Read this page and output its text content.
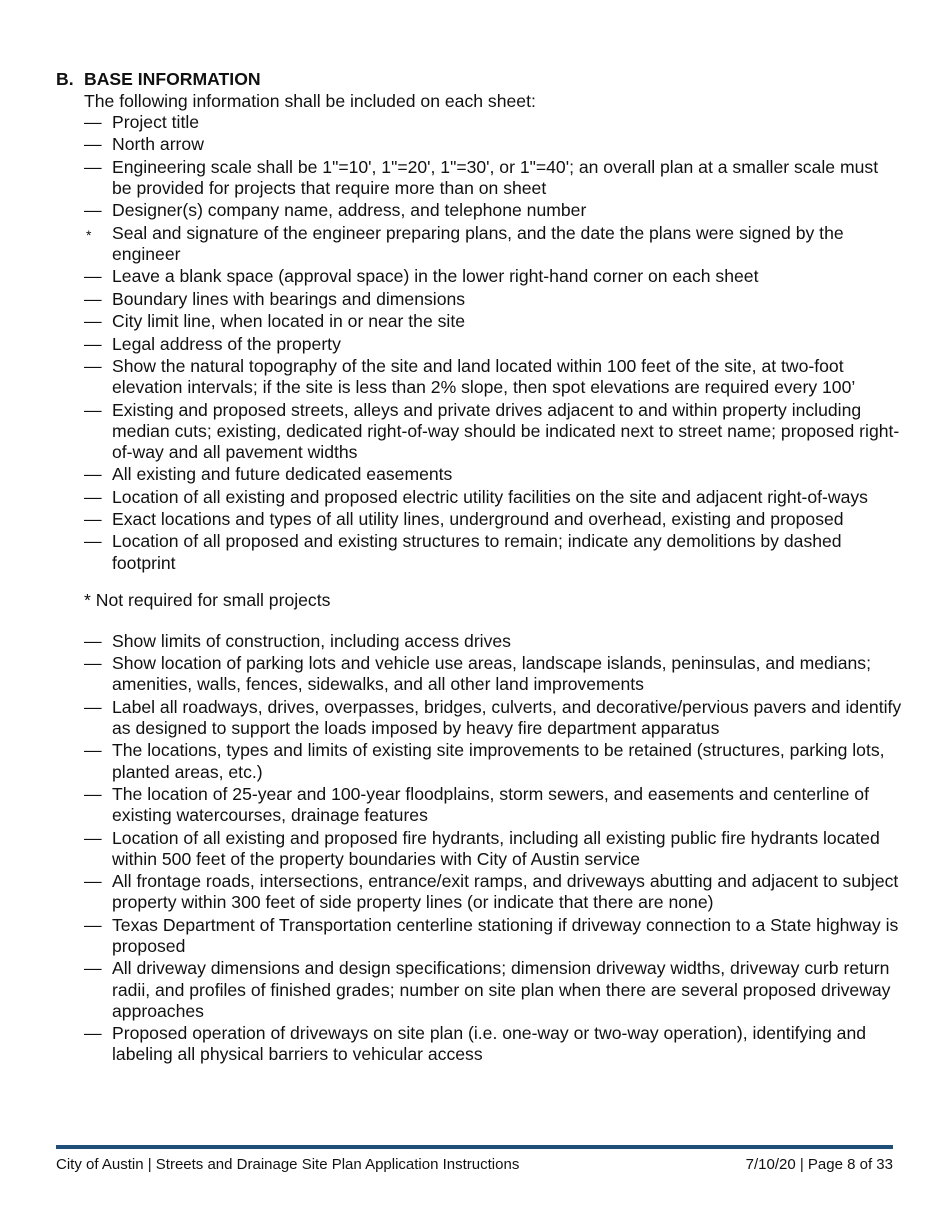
B. BASE INFORMATION
The following information shall be included on each sheet:
— Project title
— North arrow
— Engineering scale shall be 1"=10', 1"=20', 1"=30', or 1"=40'; an overall plan at a smaller scale must be provided for projects that require more than on sheet
— Designer(s) company name, address, and telephone number
*	Seal and signature of the engineer preparing plans, and the date the plans were signed by the engineer
— Leave a blank space (approval space) in the lower right-hand corner on each sheet
— Boundary lines with bearings and dimensions
— City limit line, when located in or near the site
— Legal address of the property
— Show the natural topography of the site and land located within 100 feet of the site, at two-foot elevation intervals; if the site is less than 2% slope, then spot elevations are required every 100’
— Existing and proposed streets, alleys and private drives adjacent to and within property including median cuts; existing, dedicated right-of-way should be indicated next to street name; proposed right-of-way and all pavement widths
— All existing and future dedicated easements
— Location of all existing and proposed electric utility facilities on the site and adjacent right-of-ways
— Exact locations and types of all utility lines, underground and overhead, existing and proposed
— Location of all proposed and existing structures to remain; indicate any demolitions by dashed footprint
* Not required for small projects
— Show limits of construction, including access drives
— Show location of parking lots and vehicle use areas, landscape islands, peninsulas, and medians; amenities, walls, fences, sidewalks, and all other land improvements
— Label all roadways, drives, overpasses, bridges, culverts, and decorative/pervious pavers and identify as designed to support the loads imposed by heavy fire department apparatus
— The locations, types and limits of existing site improvements to be retained (structures, parking lots, planted areas, etc.)
— The location of 25-year and 100-year floodplains, storm sewers, and easements and centerline of existing watercourses, drainage features
— Location of all existing and proposed fire hydrants, including all existing public fire hydrants located within 500 feet of the property boundaries with City of Austin service
— All frontage roads, intersections, entrance/exit ramps, and driveways abutting and adjacent to subject property within 300 feet of side property lines (or indicate that there are none)
— Texas Department of Transportation centerline stationing if driveway connection to a State highway is proposed
— All driveway dimensions and design specifications; dimension driveway widths, driveway curb return radii, and profiles of finished grades; number on site plan when there are several proposed driveway approaches
— Proposed operation of driveways on site plan (i.e. one-way or two-way operation), identifying and labeling all physical barriers to vehicular access
City of Austin | Streets and Drainage Site Plan Application Instructions	7/10/20 | Page 8 of 33
